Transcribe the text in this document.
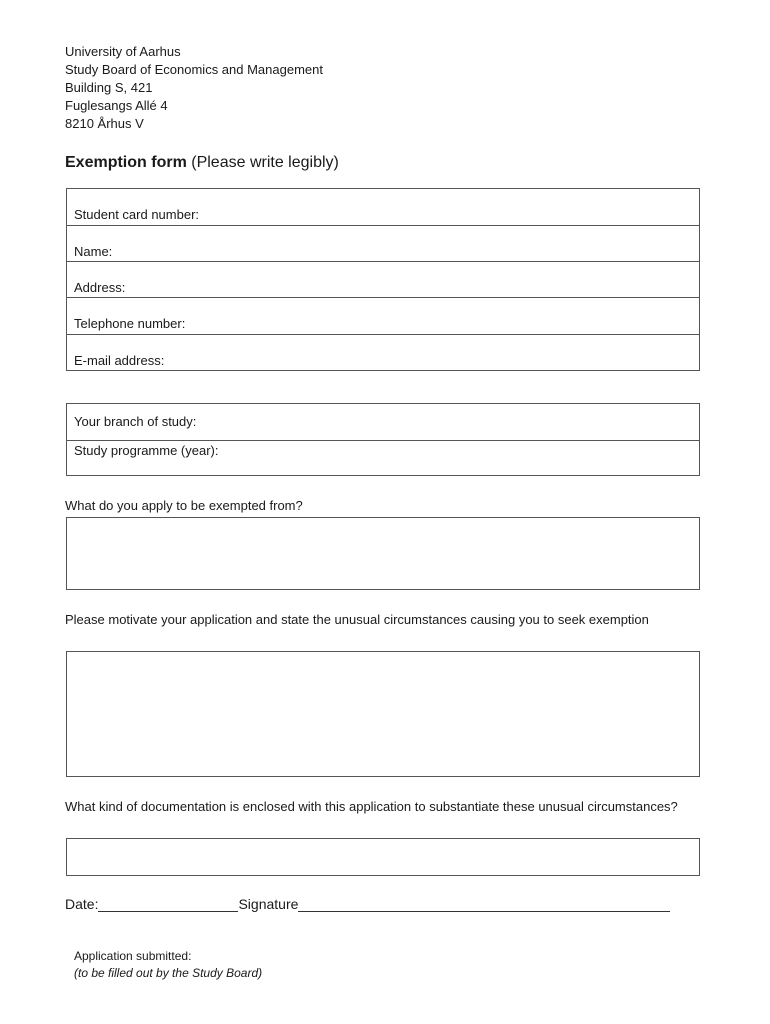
University of Aarhus
Study Board of Economics and Management
Building S, 421
Fuglesangs Allé 4
8210 Århus V
Exemption form (Please write legibly)
Student card number:
Name:
Address:
Telephone number:
E-mail address:
Your branch of study:
Study programme (year):
What do you apply to be exempted from?
Please motivate your application and state the unusual circumstances causing you to seek exemption
What kind of documentation is enclosed with this application to substantiate these unusual circumstances?
Date:	Signature
Application submitted:
(to be filled out by the Study Board)
